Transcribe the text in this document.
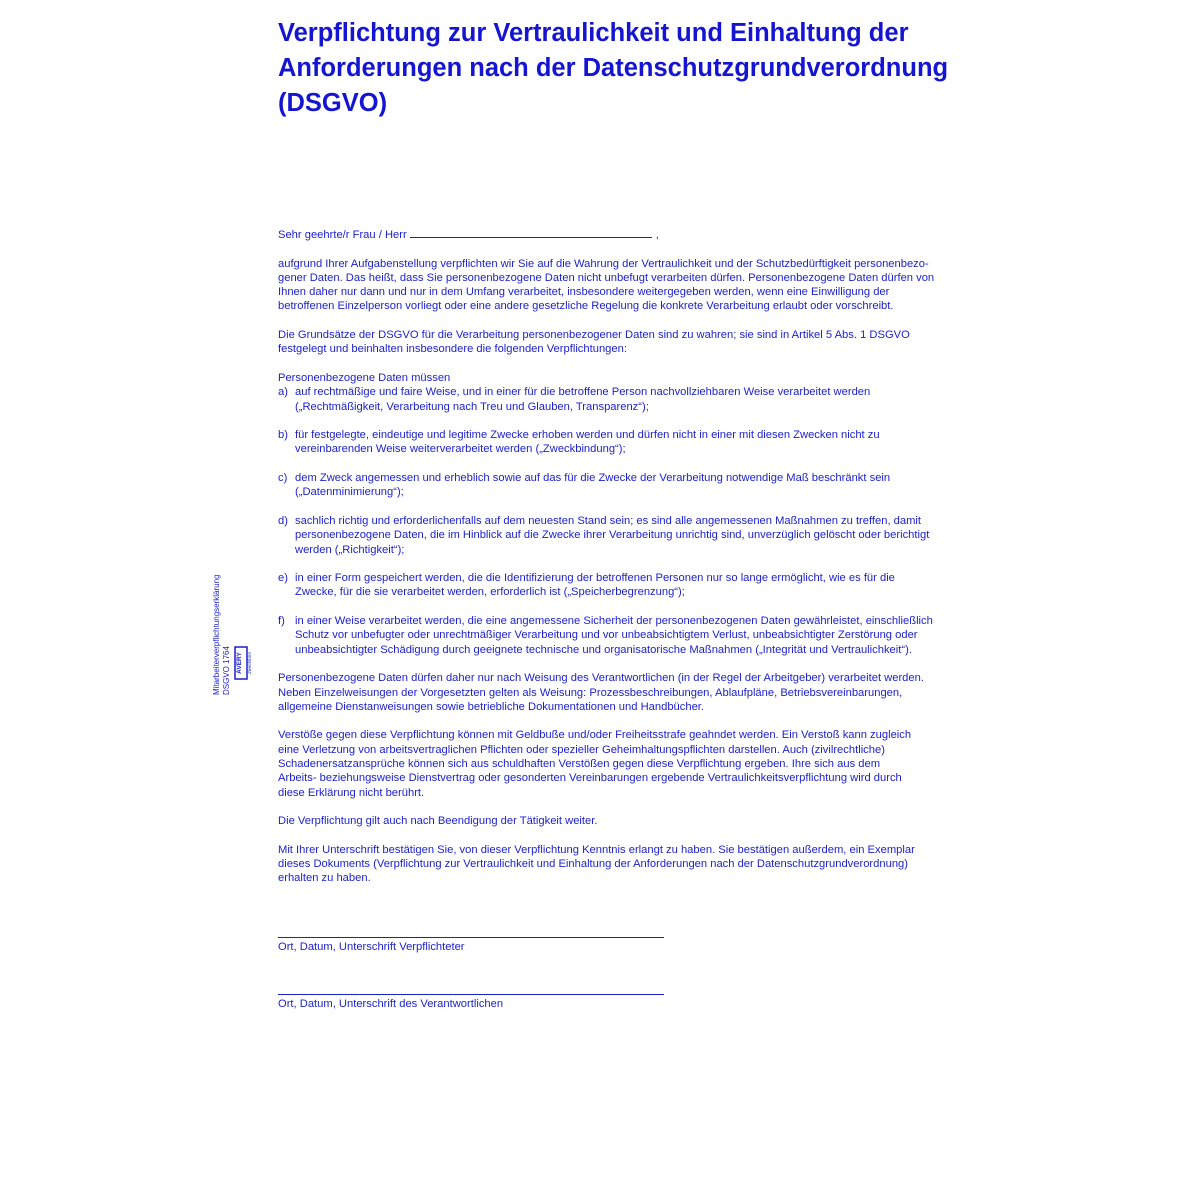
Verpflichtung zur Vertraulichkeit und Einhaltung der
Anforderungen nach der Datenschutzgrundverordnung
(DSGVO)
Sehr geehrte/r Frau / Herr	,
aufgrund Ihrer Aufgabenstellung verpflichten wir Sie auf die Wahrung der Vertraulichkeit und der Schutzbedürftigkeit personenbezo-
gener Daten. Das heißt, dass Sie personenbezogene Daten nicht unbefugt verarbeiten dürfen. Personenbezogene Daten dürfen von
Ihnen daher nur dann und nur in dem Umfang verarbeitet, insbesondere weitergegeben werden, wenn eine Einwilligung der
betroffenen Einzelperson vorliegt oder eine andere gesetzliche Regelung die konkrete Verarbeitung erlaubt oder vorschreibt.
Die Grundsätze der DSGVO für die Verarbeitung personenbezogener Daten sind zu wahren; sie sind in Artikel 5 Abs. 1 DSGVO
festgelegt und beinhalten insbesondere die folgenden Verpflichtungen:
Personenbezogene Daten müssen
a) auf rechtmäßige und faire Weise, und in einer für die betroffene Person nachvollziehbaren Weise verarbeitet werden
(„Rechtmäßigkeit, Verarbeitung nach Treu und Glauben, Transparenz“);
b) für festgelegte, eindeutige und legitime Zwecke erhoben werden und dürfen nicht in einer mit diesen Zwecken nicht zu
vereinbarenden Weise weiterverarbeitet werden („Zweckbindung“);
c) dem Zweck angemessen und erheblich sowie auf das für die Zwecke der Verarbeitung notwendige Maß beschränkt sein
(„Datenminimierung“);
d) sachlich richtig und erforderlichenfalls auf dem neuesten Stand sein; es sind alle angemessenen Maßnahmen zu treffen, damit
personenbezogene Daten, die im Hinblick auf die Zwecke ihrer Verarbeitung unrichtig sind, unverzüglich gelöscht oder berichtigt
werden („Richtigkeit“);
e) in einer Form gespeichert werden, die die Identifizierung der betroffenen Personen nur so lange ermöglicht, wie es für die
Zwecke, für die sie verarbeitet werden, erforderlich ist („Speicherbegrenzung“);
f) in einer Weise verarbeitet werden, die eine angemessene Sicherheit der personenbezogenen Daten gewährleistet, einschließlich
Schutz vor unbefugter oder unrechtmäßiger Verarbeitung und vor unbeabsichtigtem Verlust, unbeabsichtigter Zerstörung oder
unbeabsichtigter Schädigung durch geeignete technische und organisatorische Maßnahmen („Integrität und Vertraulichkeit“).
Personenbezogene Daten dürfen daher nur nach Weisung des Verantwortlichen (in der Regel der Arbeitgeber) verarbeitet werden.
Neben Einzelweisungen der Vorgesetzten gelten als Weisung: Prozessbeschreibungen, Ablaufpläne, Betriebsvereinbarungen,
allgemeine Dienstanweisungen sowie betriebliche Dokumentationen und Handbücher.
Verstöße gegen diese Verpflichtung können mit Geldbuße und/oder Freiheitsstrafe geahndet werden. Ein Verstoß kann zugleich
eine Verletzung von arbeitsvertraglichen Pflichten oder spezieller Geheimhaltungspflichten darstellen. Auch (zivilrechtliche)
Schadenersatzansprüche können sich aus schuldhaften Verstößen gegen diese Verpflichtung ergeben. Ihre sich aus dem
Arbeits- beziehungsweise Dienstvertrag oder gesonderten Vereinbarungen ergebende Vertraulichkeitsverpflichtung wird durch
diese Erklärung nicht berührt.
Die Verpflichtung gilt auch nach Beendigung der Tätigkeit weiter.
Mit Ihrer Unterschrift bestätigen Sie, von dieser Verpflichtung Kenntnis erlangt zu haben. Sie bestätigen außerdem, ein Exemplar
dieses Dokuments (Verpflichtung zur Vertraulichkeit und Einhaltung der Anforderungen nach der Datenschutzgrundverordnung)
erhalten zu haben.
Ort, Datum, Unterschrift Verpflichteter
Ort, Datum, Unterschrift des Verantwortlichen
Mitarbeiterverpflichtungserklärung DSGVO 1764 AVERY Zweckform
